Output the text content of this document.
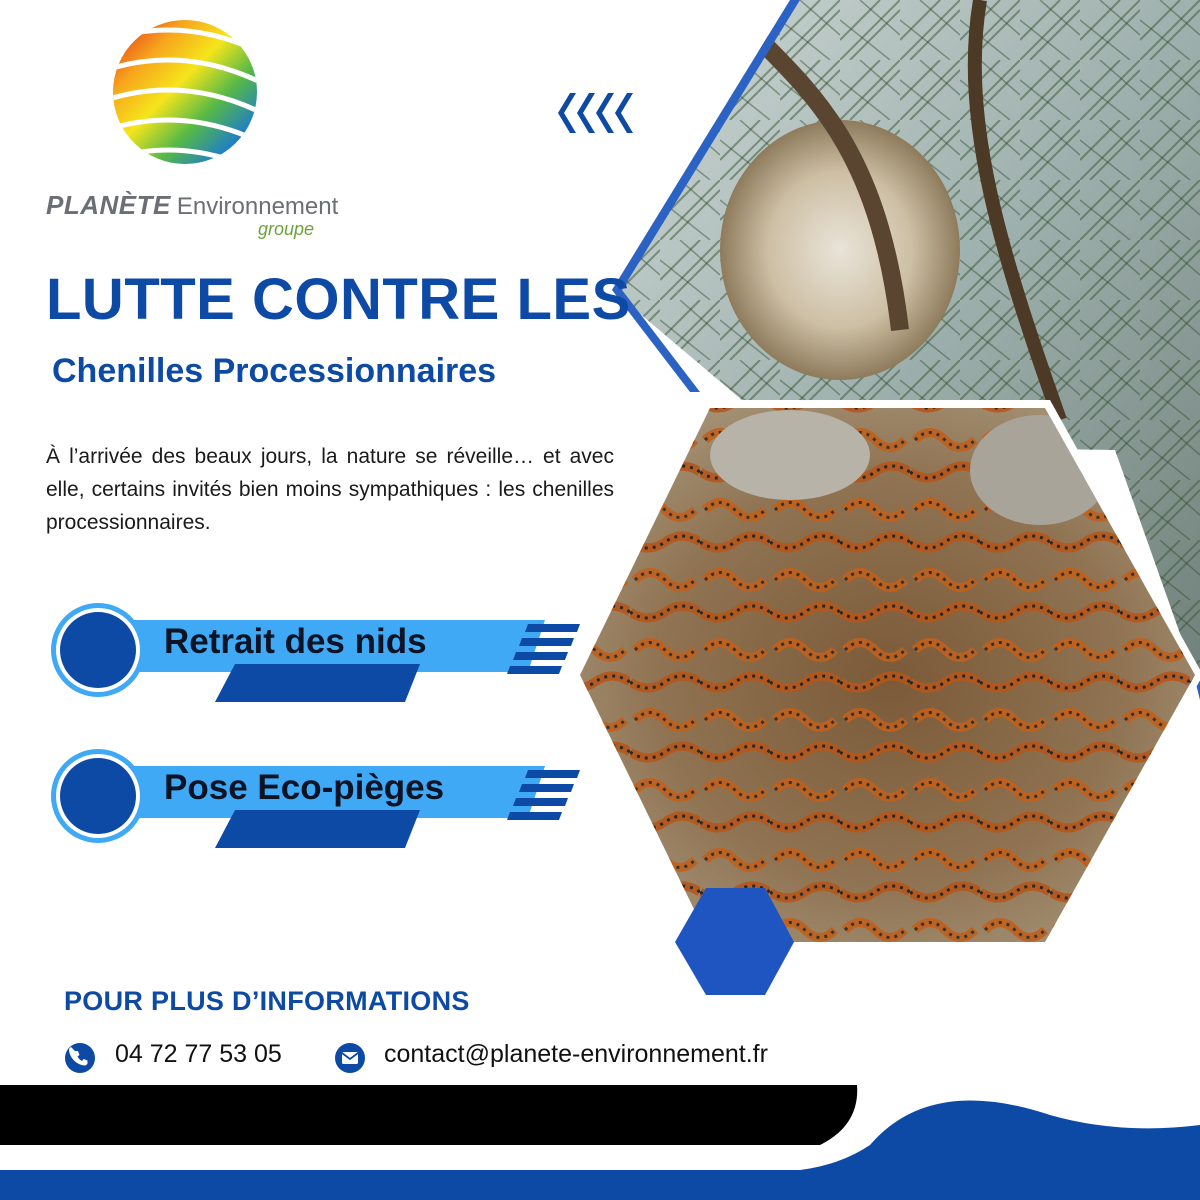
PLANÈTE Environnement
groupe
LUTTE CONTRE LES
Chenilles Processionnaires
À l’arrivée des beaux jours, la nature se réveille… et avec elle, certains invités bien moins sympathiques : les chenilles processionnaires.
Retrait des nids
Pose Eco-pièges
POUR PLUS D’INFORMATIONS
04 72 77 53 05	contact@planete-environnement.fr
